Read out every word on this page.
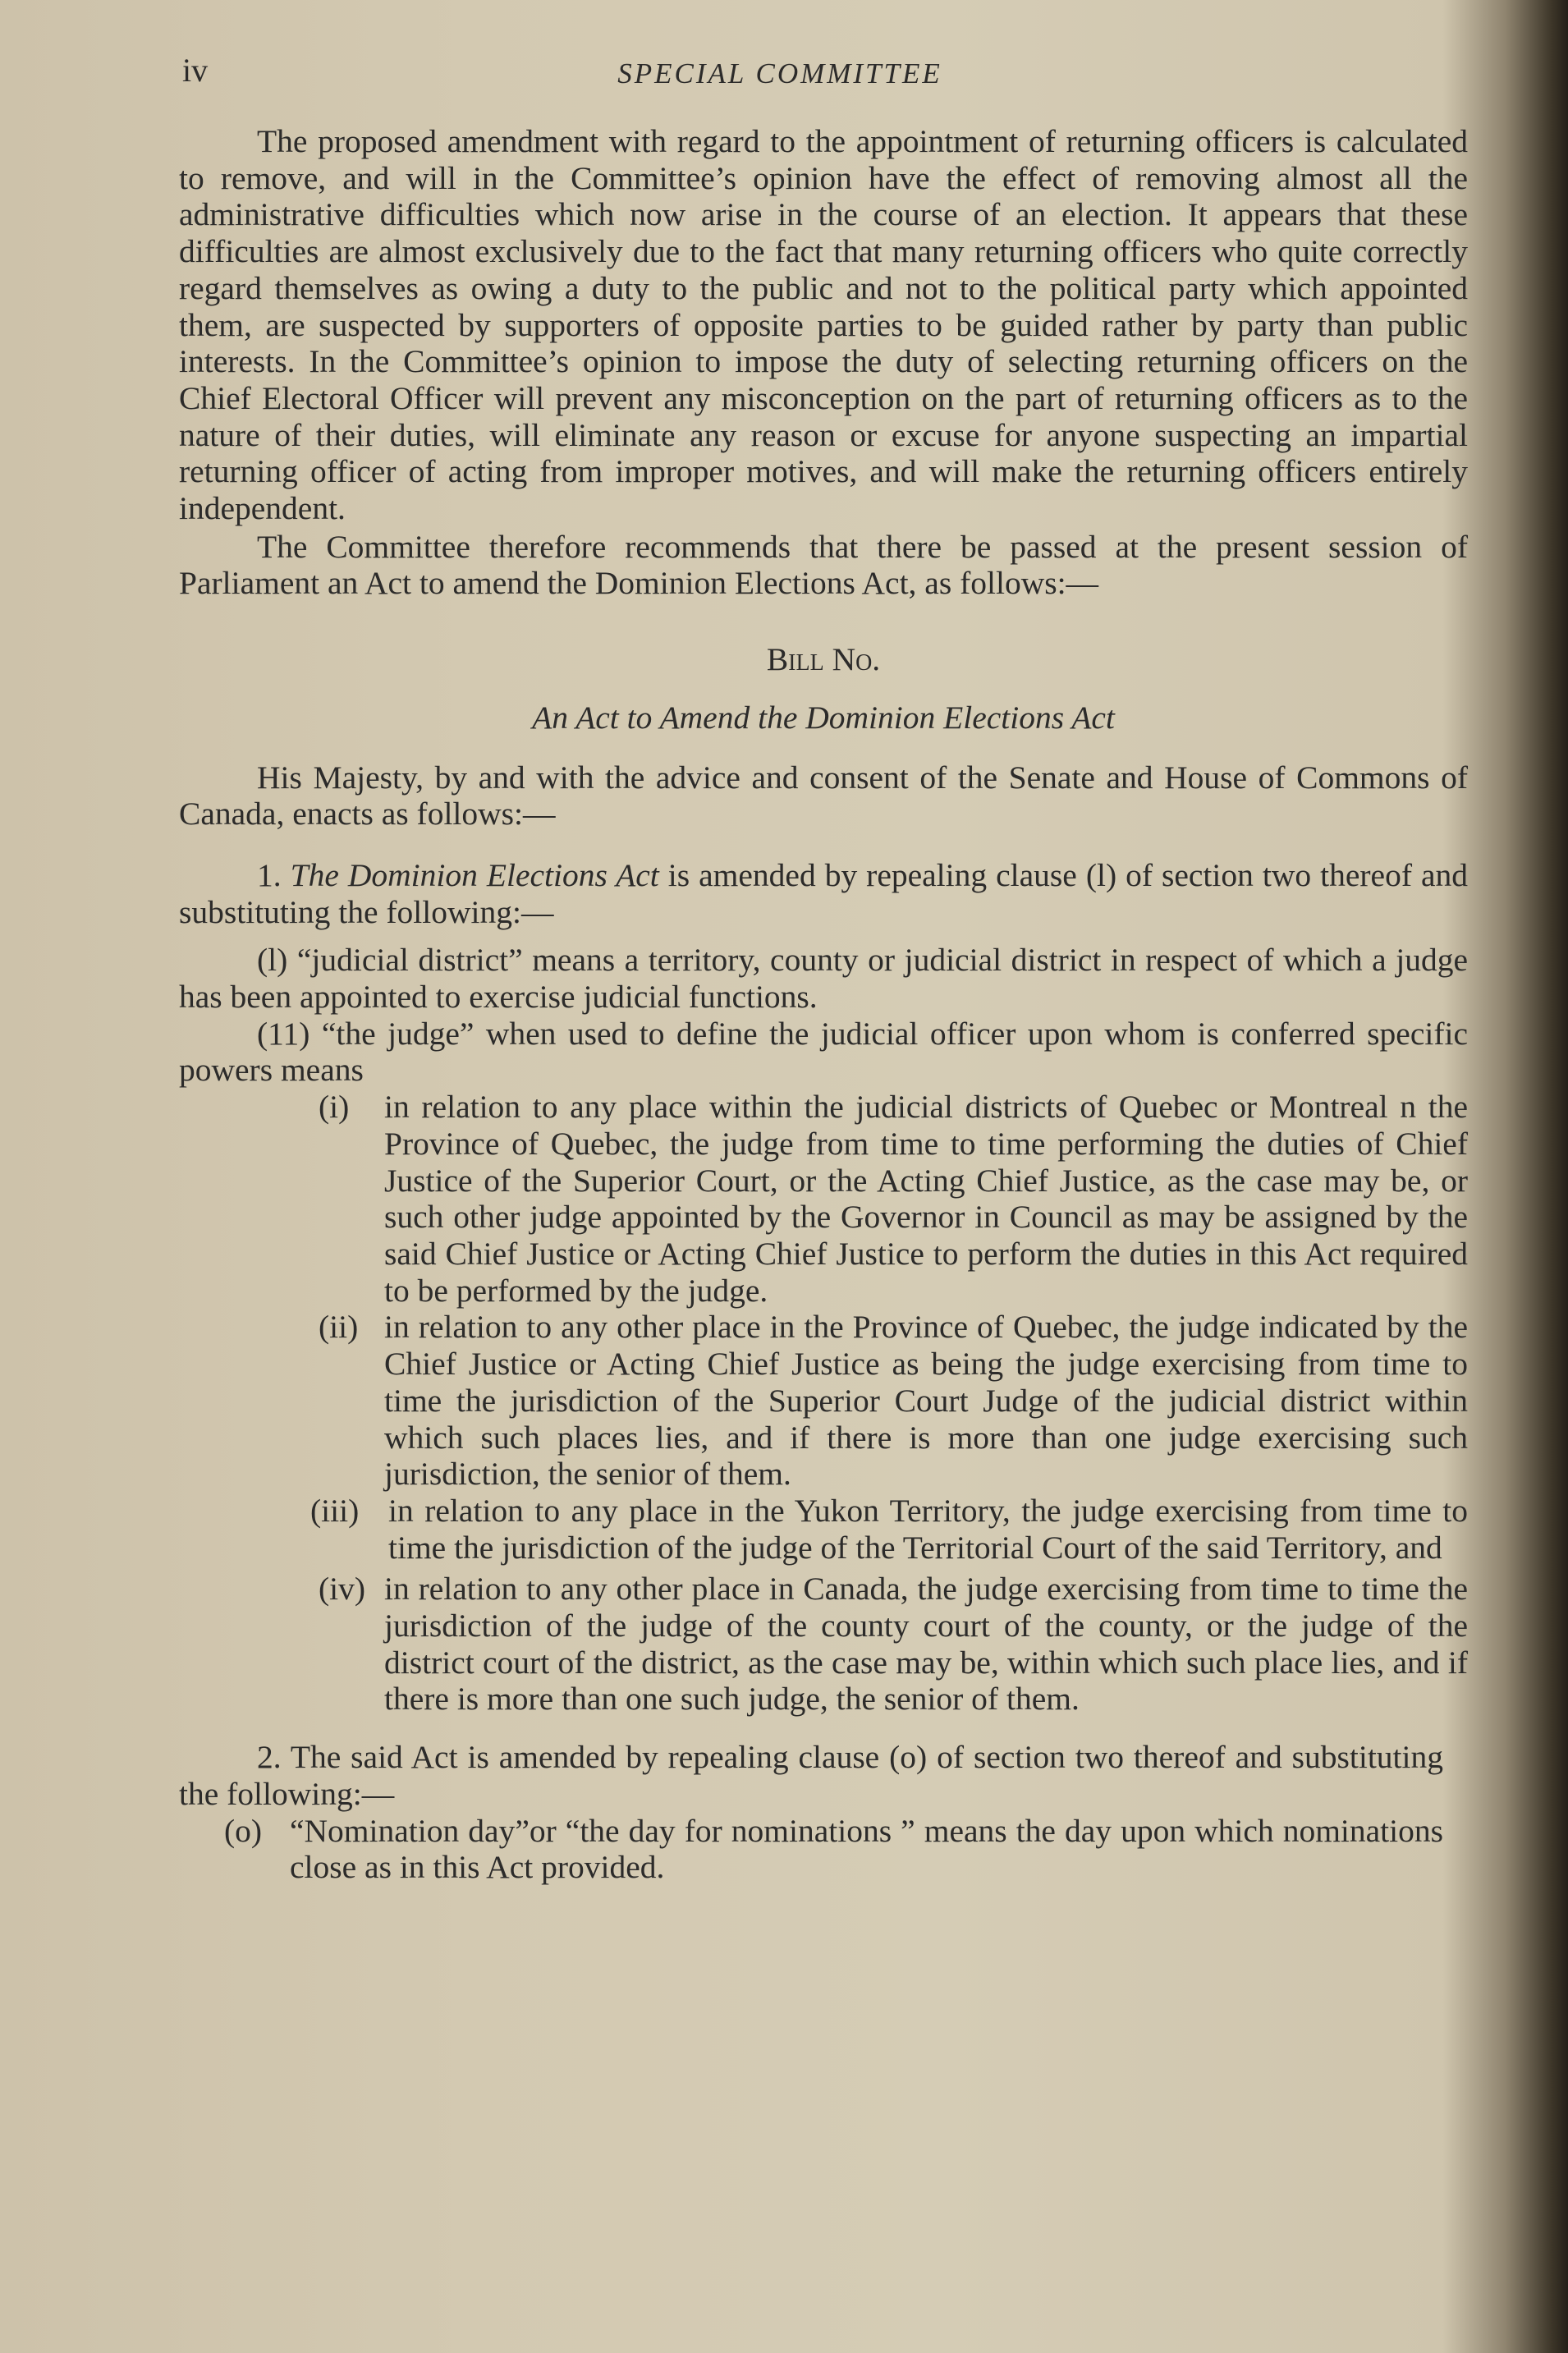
iv	SPECIAL COMMITTEE

The proposed amendment with regard to the appointment of returning officers is calculated to remove, and will in the Committee’s opinion have the effect of removing almost all the administrative difficulties which now arise in the course of an election. It appears that these difficulties are almost exclusively due to the fact that many returning officers who quite correctly regard themselves as owing a duty to the public and not to the political party which appointed them, are suspected by supporters of opposite parties to be guided rather by party than public interests. In the Committee’s opinion to impose the duty of selecting returning officers on the Chief Electoral Officer will prevent any misconception on the part of returning officers as to the nature of their duties, will eliminate any reason or excuse for anyone suspecting an impartial returning officer of acting from improper motives, and will make the returning officers entirely independent.

The Committee therefore recommends that there be passed at the present session of Parliament an Act to amend the Dominion Elections Act, as follows:—

Bill No.

An Act to Amend the Dominion Elections Act

His Majesty, by and with the advice and consent of the Senate and House of Commons of Canada, enacts as follows:—

1. The Dominion Elections Act is amended by repealing clause (l) of section two thereof and substituting the following:—

(l) “judicial district” means a territory, county or judicial district in respect of which a judge has been appointed to exercise judicial functions.

(11) “the judge” when used to define the judicial officer upon whom is conferred specific powers means

(i) in relation to any place within the judicial districts of Quebec or Montreal n the Province of Quebec, the judge from time to time performing the duties of Chief Justice of the Superior Court, or the Acting Chief Justice, as the case may be, or such other judge appointed by the Governor in Council as may be assigned by the said Chief Justice or Acting Chief Justice to perform the duties in this Act required to be performed by the judge.

(ii) in relation to any other place in the Province of Quebec, the judge indicated by the Chief Justice or Acting Chief Justice as being the judge exercising from time to time the jurisdiction of the Superior Court Judge of the judicial district within which such places lies, and if there is more than one judge exercising such jurisdiction, the senior of them.

(iii) in relation to any place in the Yukon Territory, the judge exercising from time to time the jurisdiction of the judge of the Territorial Court of the said Territory, and

(iv) in relation to any other place in Canada, the judge exercising from time to time the jurisdiction of the judge of the county court of the county, or the judge of the district court of the district, as the case may be, within which such place lies, and if there is more than one such judge, the senior of them.

2. The said Act is amended by repealing clause (o) of section two thereof and substituting the following:—

(o) “Nomination day”or “the day for nominations ” means the day upon which nominations close as in this Act provided.
